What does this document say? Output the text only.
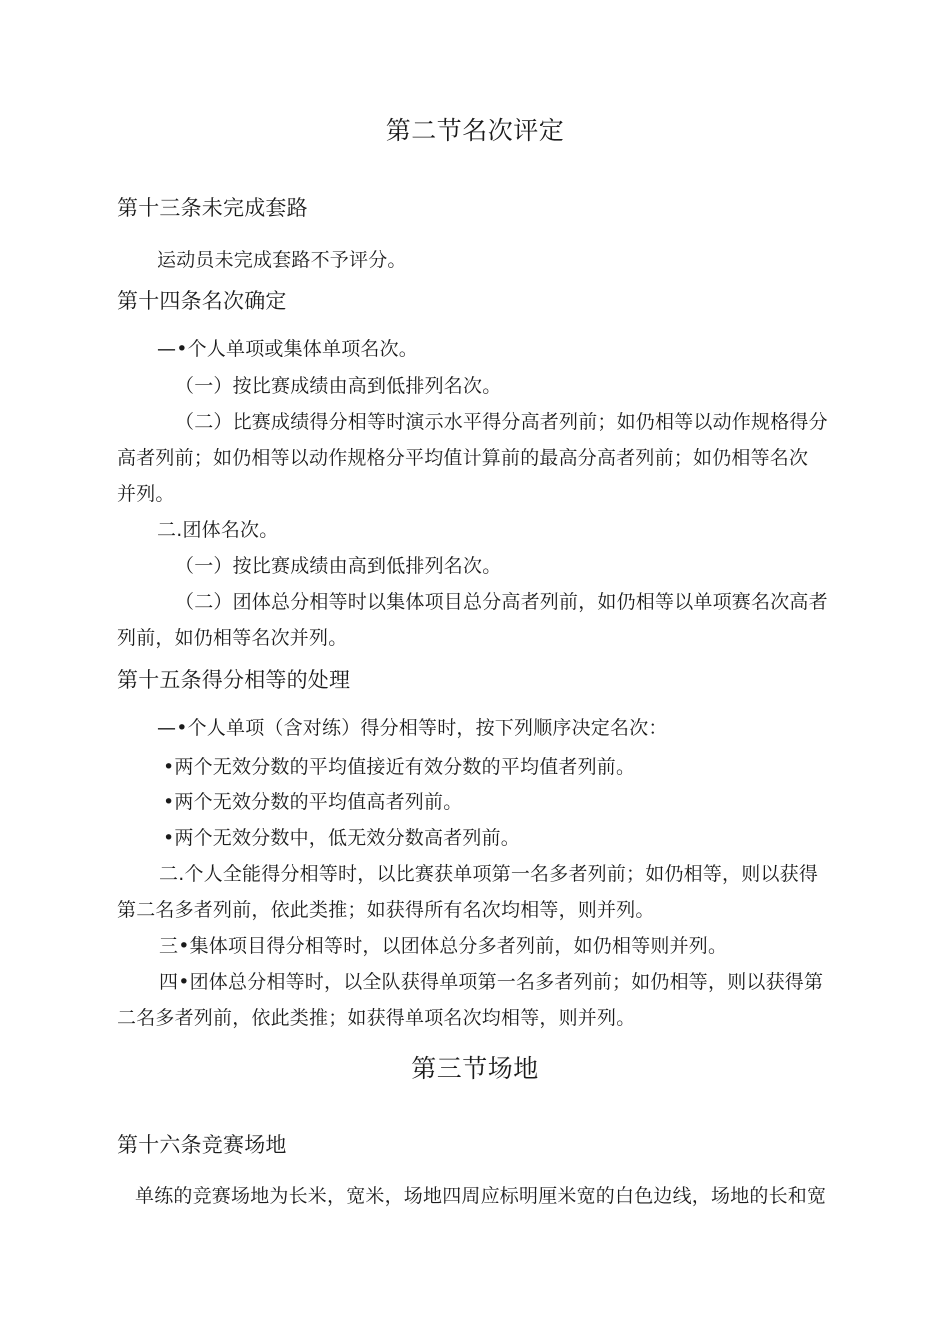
第二节名次评定
第十三条未完成套路
运动员未完成套路不予评分。
第十四条名次确定
—•个人单项或集体单项名次。
（一）按比赛成绩由高到低排列名次。
（二）比赛成绩得分相等时演示水平得分高者列前；如仍相等以动作规格得分
高者列前；如仍相等以动作规格分平均值计算前的最高分高者列前；如仍相等名次
并列。
二.团体名次。
（一）按比赛成绩由高到低排列名次。
（二）团体总分相等时以集体项目总分高者列前，如仍相等以单项赛名次高者
列前，如仍相等名次并列。
第十五条得分相等的处理
—•个人单项（含对练）得分相等时，按下列顺序决定名次：
•两个无效分数的平均值接近有效分数的平均值者列前。
•两个无效分数的平均值高者列前。
•两个无效分数中，低无效分数高者列前。
二.个人全能得分相等时，以比赛获单项第一名多者列前；如仍相等，则以获得
第二名多者列前，依此类推；如获得所有名次均相等，则并列。
三•集体项目得分相等时，以团体总分多者列前，如仍相等则并列。
四•团体总分相等时，以全队获得单项第一名多者列前；如仍相等，则以获得第
二名多者列前，依此类推；如获得单项名次均相等，则并列。
第三节场地
第十六条竞赛场地
单练的竞赛场地为长米，宽米，场地四周应标明厘米宽的白色边线，场地的长和宽
